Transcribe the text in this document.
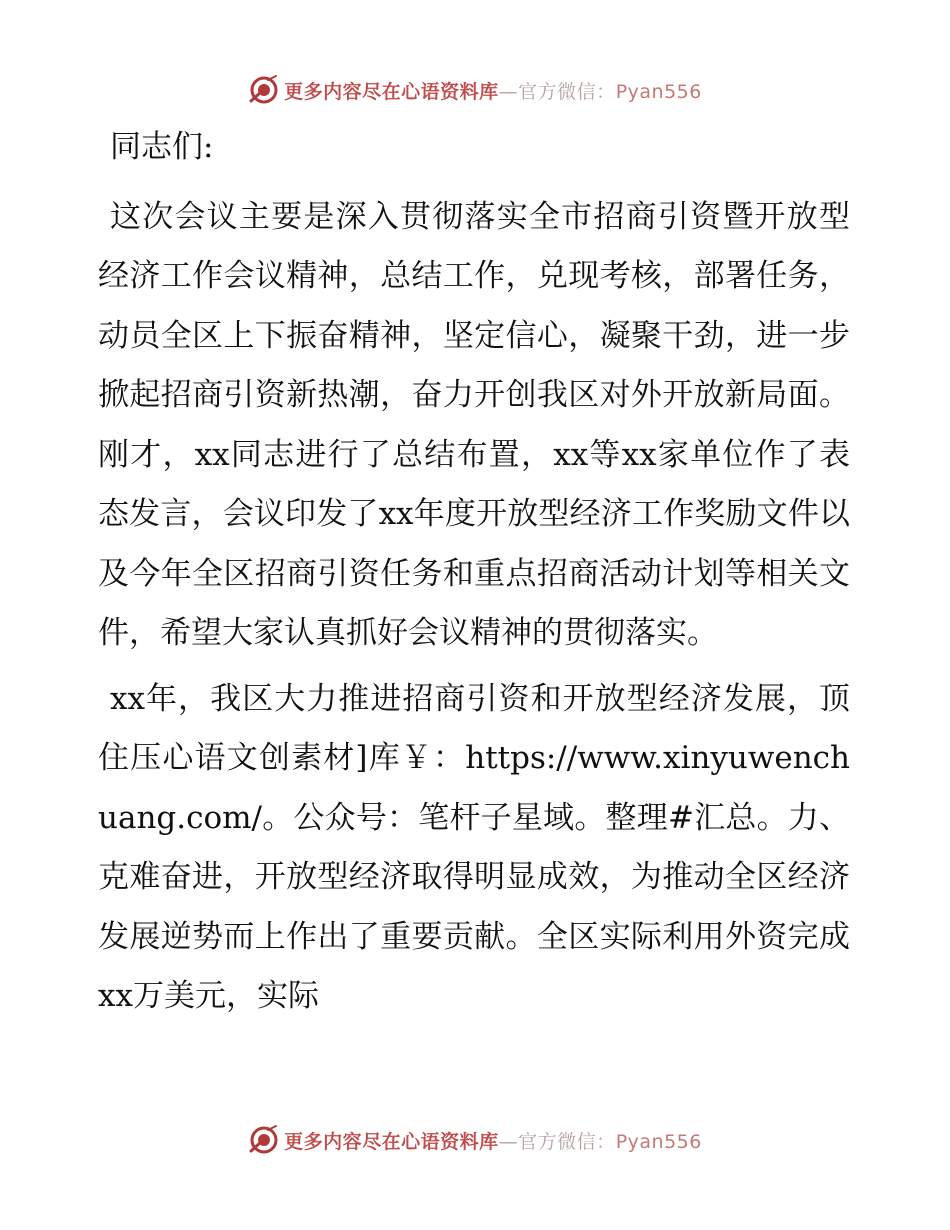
更多内容尽在心语资料库—官方微信：Pyan556

同志们:

这次会议主要是深入贯彻落实全市招商引资暨开放型经济工作会议精神，总结工作，兑现考核，部署任务，动员全区上下振奋精神，坚定信心，凝聚干劲，进一步掀起招商引资新热潮，奋力开创我区对外开放新局面。刚才，xx同志进行了总结布置，xx等xx家单位作了表态发言，会议印发了xx年度开放型经济工作奖励文件以及今年全区招商引资任务和重点招商活动计划等相关文件，希望大家认真抓好会议精神的贯彻落实。

xx年，我区大力推进招商引资和开放型经济发展，顶住压心语文创素材]库￥：https://www.xinyuwenchuang.com/。公众号：笔杆子星域。整理#汇总。力、克难奋进，开放型经济取得明显成效，为推动全区经济发展逆势而上作出了重要贡献。全区实际利用外资完成xx万美元，实际

更多内容尽在心语资料库—官方微信：Pyan556
